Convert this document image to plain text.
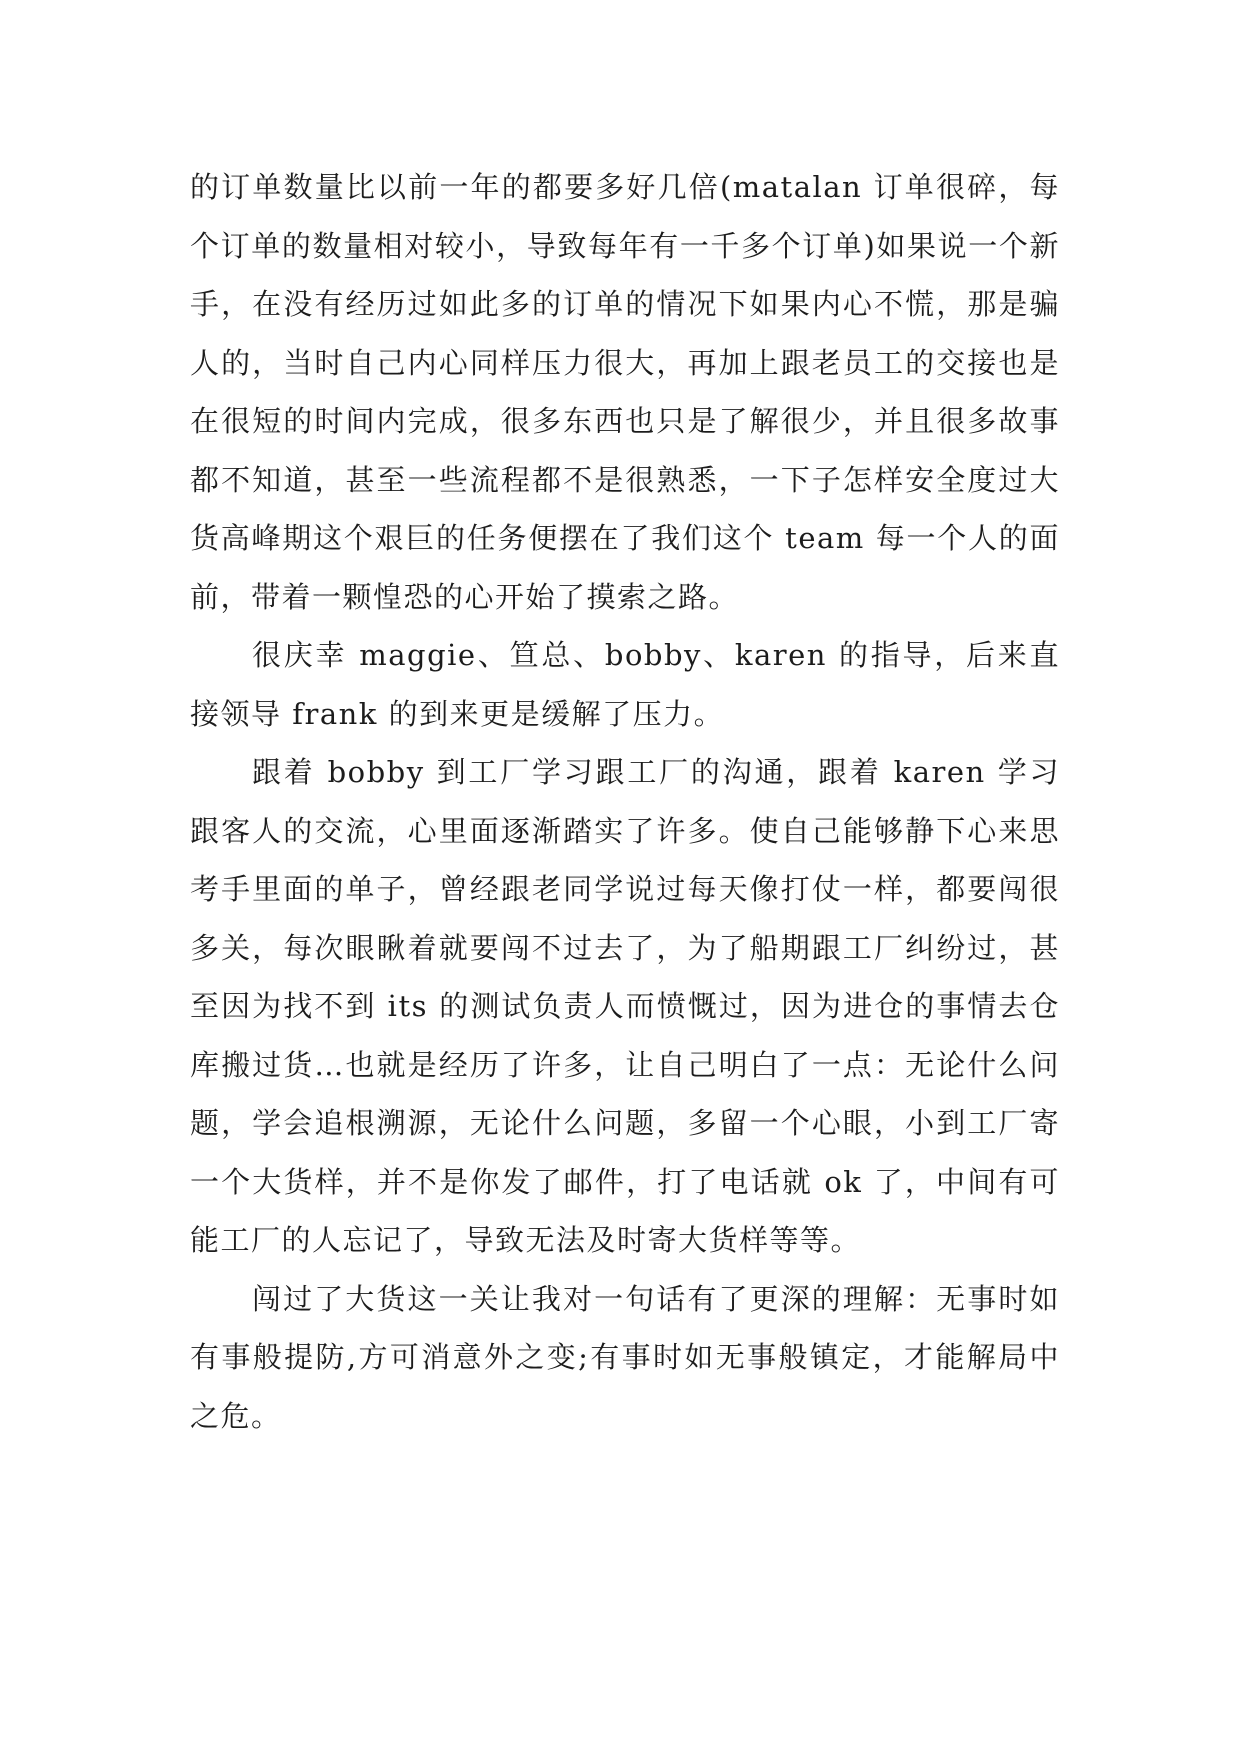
的订单数量比以前一年的都要多好几倍(matalan 订单很碎，每个订单的数量相对较小，导致每年有一千多个订单)如果说一个新手，在没有经历过如此多的订单的情况下如果内心不慌，那是骗人的，当时自己内心同样压力很大，再加上跟老员工的交接也是在很短的时间内完成，很多东西也只是了解很少，并且很多故事都不知道，甚至一些流程都不是很熟悉，一下子怎样安全度过大货高峰期这个艰巨的任务便摆在了我们这个 team 每一个人的面前，带着一颗惶恐的心开始了摸索之路。

很庆幸 maggie、笪总、bobby、karen 的指导，后来直接领导 frank 的到来更是缓解了压力。

跟着 bobby 到工厂学习跟工厂的沟通，跟着 karen 学习跟客人的交流，心里面逐渐踏实了许多。使自己能够静下心来思考手里面的单子，曾经跟老同学说过每天像打仗一样，都要闯很多关，每次眼瞅着就要闯不过去了，为了船期跟工厂纠纷过，甚至因为找不到 its 的测试负责人而愤慨过，因为进仓的事情去仓库搬过货…也就是经历了许多，让自己明白了一点：无论什么问题，学会追根溯源，无论什么问题，多留一个心眼，小到工厂寄一个大货样，并不是你发了邮件，打了电话就 ok 了，中间有可能工厂的人忘记了，导致无法及时寄大货样等等。

闯过了大货这一关让我对一句话有了更深的理解：无事时如有事般提防,方可消意外之变;有事时如无事般镇定，才能解局中之危。
